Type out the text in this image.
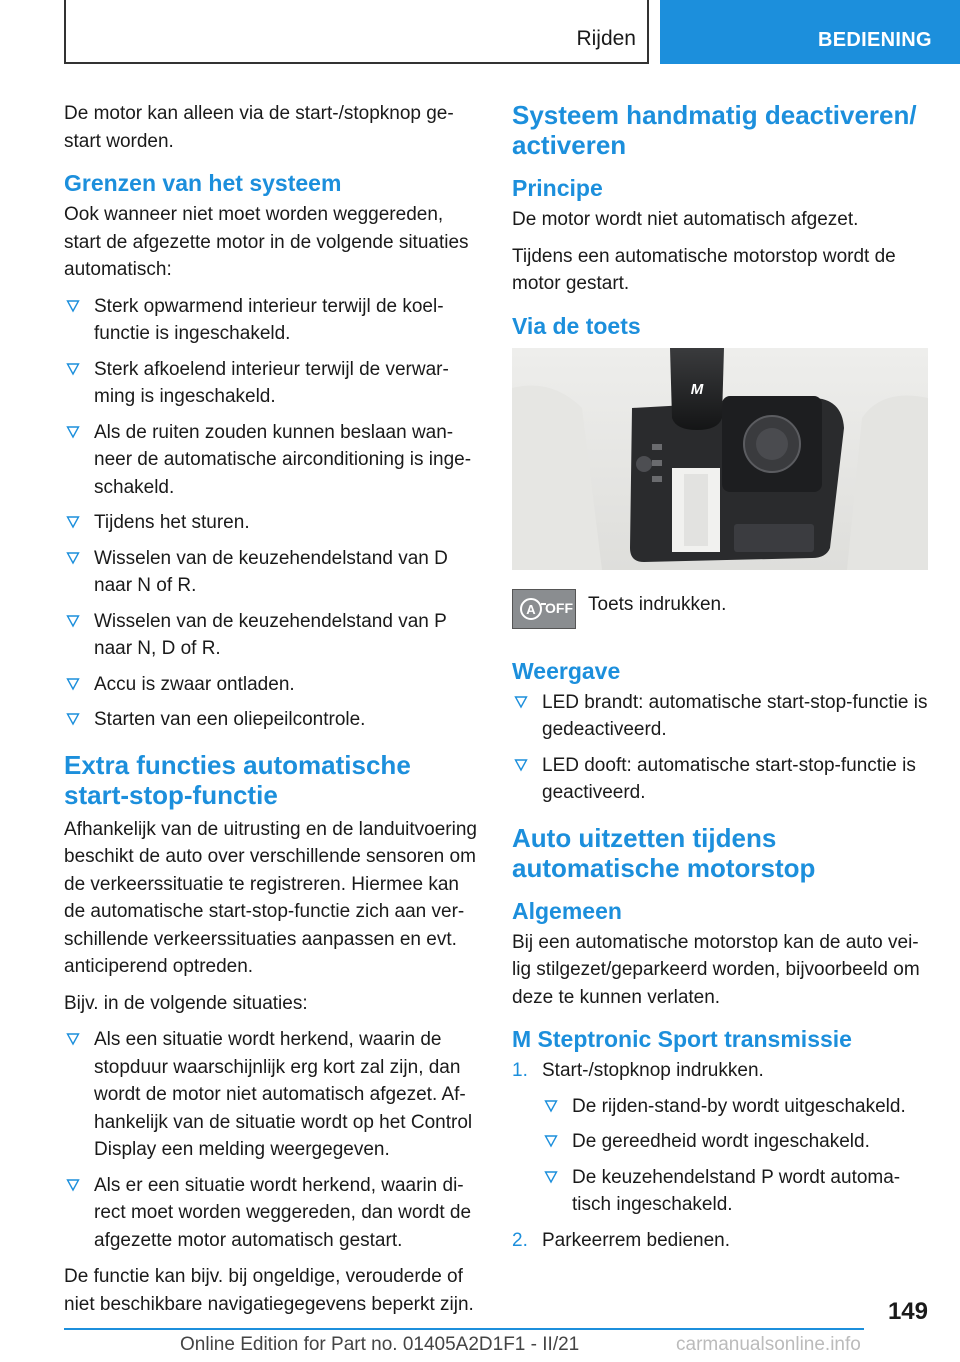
Rijden	BEDIENING

De motor kan alleen via de start-/stopknop ge-start worden.

Grenzen van het systeem

Ook wanneer niet moet worden weggereden, start de afgezette motor in de volgende situaties automatisch:

Sterk opwarmend interieur terwijl de koel-functie is ingeschakeld.
Sterk afkoelend interieur terwijl de verwar-ming is ingeschakeld.
Als de ruiten zouden kunnen beslaan wan-neer de automatische airconditioning is inge-schakeld.
Tijdens het sturen.
Wisselen van de keuzehendelstand van D naar N of R.
Wisselen van de keuzehendelstand van P naar N, D of R.
Accu is zwaar ontladen.
Starten van een oliepeilcontrole.
Extra functies automatische start-stop-functie

Afhankelijk van de uitrusting en de landuitvoering beschikt de auto over verschillende sensoren om de verkeerssituatie te registreren. Hiermee kan de automatische start-stop-functie zich aan ver-schillende verkeerssituaties aanpassen en evt. anticiperend optreden.

Bijv. in de volgende situaties:

Als een situatie wordt herkend, waarin de stopduur waarschijnlijk erg kort zal zijn, dan wordt de motor niet automatisch afgezet. Af-hankelijk van de situatie wordt op het Control Display een melding weergegeven.
Als er een situatie wordt herkend, waarin di-rect moet worden weggereden, dan wordt de afgezette motor automatisch gestart.

De functie kan bijv. bij ongeldige, verouderde of niet beschikbare navigatiegegevens beperkt zijn.

Systeem handmatig deactiveren/ activeren
Principe

De motor wordt niet automatisch afgezet.

Tijdens een automatische motorstop wordt de motor gestart.

Via de toets
M
A OFF Toets indrukken.
Weergave
LED brandt: automatische start-stop-functie is gedeactiveerd.
LED dooft: automatische start-stop-functie is geactiveerd.
Auto uitzetten tijdens automatische motorstop
Algemeen

Bij een automatische motorstop kan de auto vei-lig stilgezet/geparkeerd worden, bijvoorbeeld om deze te kunnen verlaten.

M Steptronic Sport transmissie
1. Start-/stopknop indrukken.
De rijden-stand-by wordt uitgeschakeld.
De gereedheid wordt ingeschakeld.
De keuzehendelstand P wordt automa-tisch ingeschakeld.
2. Parkeerrem bedienen.
149
Online Edition for Part no. 01405A2D1F1 - II/21	carmanualsonline.info
